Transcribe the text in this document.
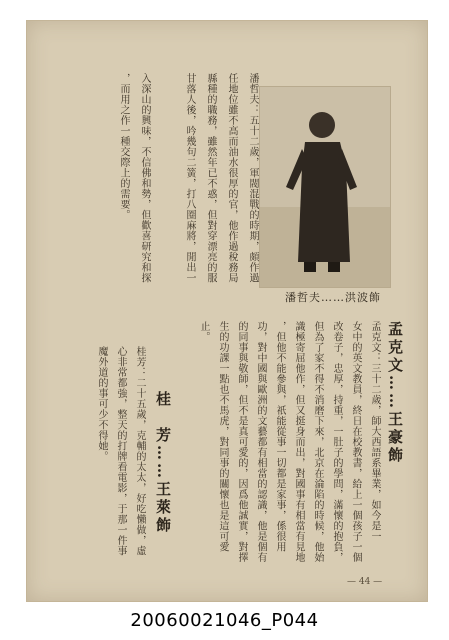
潘哲夫：五十二歲，軍閥混戰的時期，頗作過
任地位雖不高而油水很厚的官，他作過稅務局
縣種的職務，雖然年已不惑，但對穿漂亮的服
甘落人後，吟幾句二簧，打八圈麻將，閒出一
入深山的興味，不信佛和勢，但歡喜研究和探
，而用之作一種交際上的需要。
潘哲夫……洪波飾
孟克文……王豪飾
孟克文：三十二歲，師大西語系畢業，如今是一
女中的英文教員，終日在校教書，給上一個孩子一個
改卷子，忠厚，持重，一肚子的學問，滿懷的抱負，
但為了家不得不消磨下來，北京在淪陷的時候，他始
識極寄屈他作，但又挺身而出，對國事有相當有見地
，但他不能參與，祇能從事一切都是家事，係很用
功，對中國與歐洲的文藝都有相當的認識，他是個有
的同事與敬師，但不是真可愛的，因爲他誠實，對擇
生的功課一點也不馬虎，對同事的關懷也是這可愛
止。
桂　芳……王萊飾
桂芳：二十五歲，克輔的太太，好吃懶做，虛
心非常都強，整天的打牌看電影，于那一件事
魔外道的事可少不得她。
— 44 —
20060021046_P044
